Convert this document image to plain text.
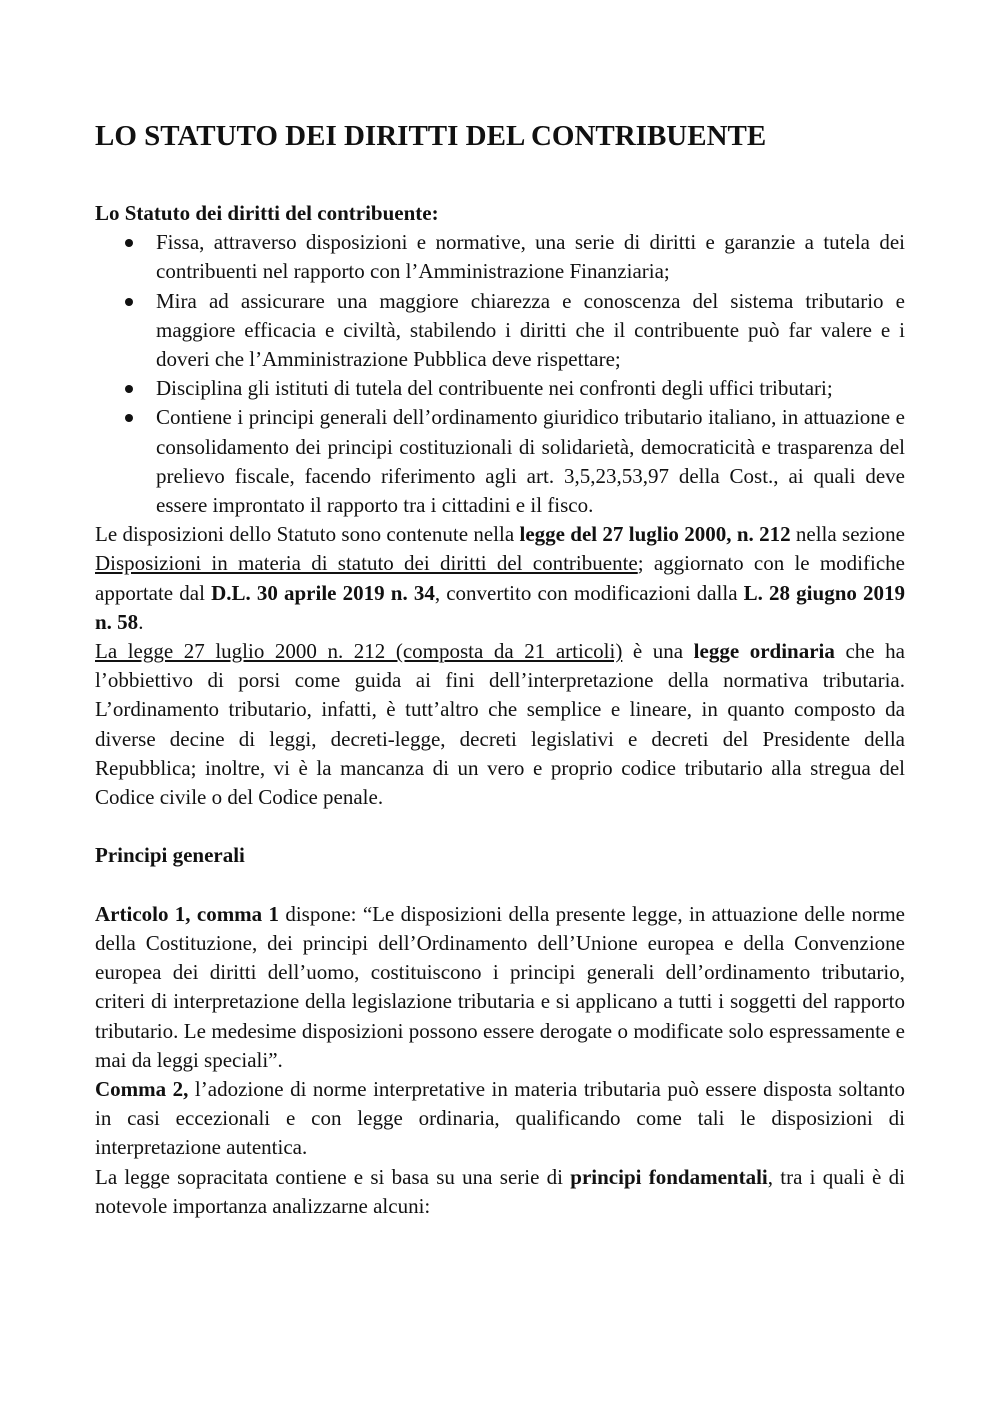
LO STATUTO DEI DIRITTI DEL CONTRIBUENTE

Lo Statuto dei diritti del contribuente:

Fissa, attraverso disposizioni e normative, una serie di diritti e garanzie a tutela dei contribuenti nel rapporto con l’Amministrazione Finanziaria;
Mira ad assicurare una maggiore chiarezza e conoscenza del sistema tributario e maggiore efficacia e civiltà, stabilendo i diritti che il contribuente può far valere e i doveri che l’Amministrazione Pubblica deve rispettare;
Disciplina gli istituti di tutela del contribuente nei confronti degli uffici tributari;
Contiene i principi generali dell’ordinamento giuridico tributario italiano, in attuazione e consolidamento dei principi costituzionali di solidarietà, democraticità e trasparenza del prelievo fiscale, facendo riferimento agli art. 3,5,23,53,97 della Cost., ai quali deve essere improntato il rapporto tra i cittadini e il fisco.

Le disposizioni dello Statuto sono contenute nella legge del 27 luglio 2000, n. 212 nella sezione Disposizioni in materia di statuto dei diritti del contribuente; aggiornato con le modifiche apportate dal D.L. 30 aprile 2019 n. 34, convertito con modificazioni dalla L. 28 giugno 2019 n. 58.

La legge 27 luglio 2000 n. 212 (composta da 21 articoli) è una legge ordinaria che ha l’obbiettivo di porsi come guida ai fini dell’interpretazione della normativa tributaria. L’ordinamento tributario, infatti, è tutt’altro che semplice e lineare, in quanto composto da diverse decine di leggi, decreti-legge, decreti legislativi e decreti del Presidente della Repubblica; inoltre, vi è la mancanza di un vero e proprio codice tributario alla stregua del Codice civile o del Codice penale.

Principi generali

Articolo 1, comma 1 dispone: “Le disposizioni della presente legge, in attuazione delle norme della Costituzione, dei principi dell’Ordinamento dell’Unione europea e della Convenzione europea dei diritti dell’uomo, costituiscono i principi generali dell’ordinamento tributario, criteri di interpretazione della legislazione tributaria e si applicano a tutti i soggetti del rapporto tributario. Le medesime disposizioni possono essere derogate o modificate solo espressamente e mai da leggi speciali”.

Comma 2, l’adozione di norme interpretative in materia tributaria può essere disposta soltanto in casi eccezionali e con legge ordinaria, qualificando come tali le disposizioni di interpretazione autentica.

La legge sopracitata contiene e si basa su una serie di principi fondamentali, tra i quali è di notevole importanza analizzarne alcuni:
